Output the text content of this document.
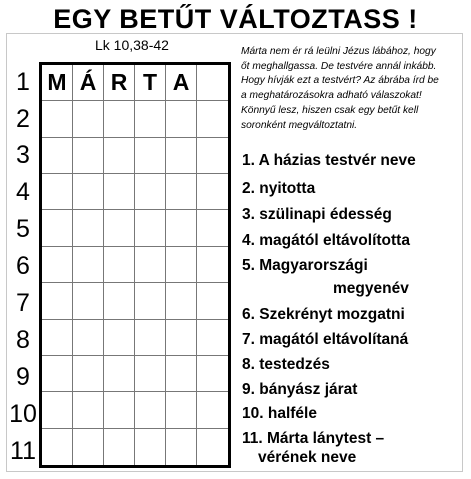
EGY BETŰT VÁLTOZTASS !
Lk 10,38-42	Márta nem ér rá leülni Jézus lábához, hogy
őt meghallgassa. De testvére annál inkább.
Hogy hívják ezt a testvért? Az ábrába írd be
a meghatározásokra adható válaszokat!
Könnyű lesz, hiszen csak egy betűt kell
soronként megváltoztatni.
1
2
3
4
5
6
7
8
9
10
11
M Á R T A
1. A házias testvér neve
2. nyitotta
3. szülinapi édesség
4. magától eltávolította
5. Magyarországi
megyenév
6. Szekrényt mozgatni
7. magától eltávolítaná
8. testedzés
9. bányász járat
10. halféle
11. Márta lánytest –
vérének neve
